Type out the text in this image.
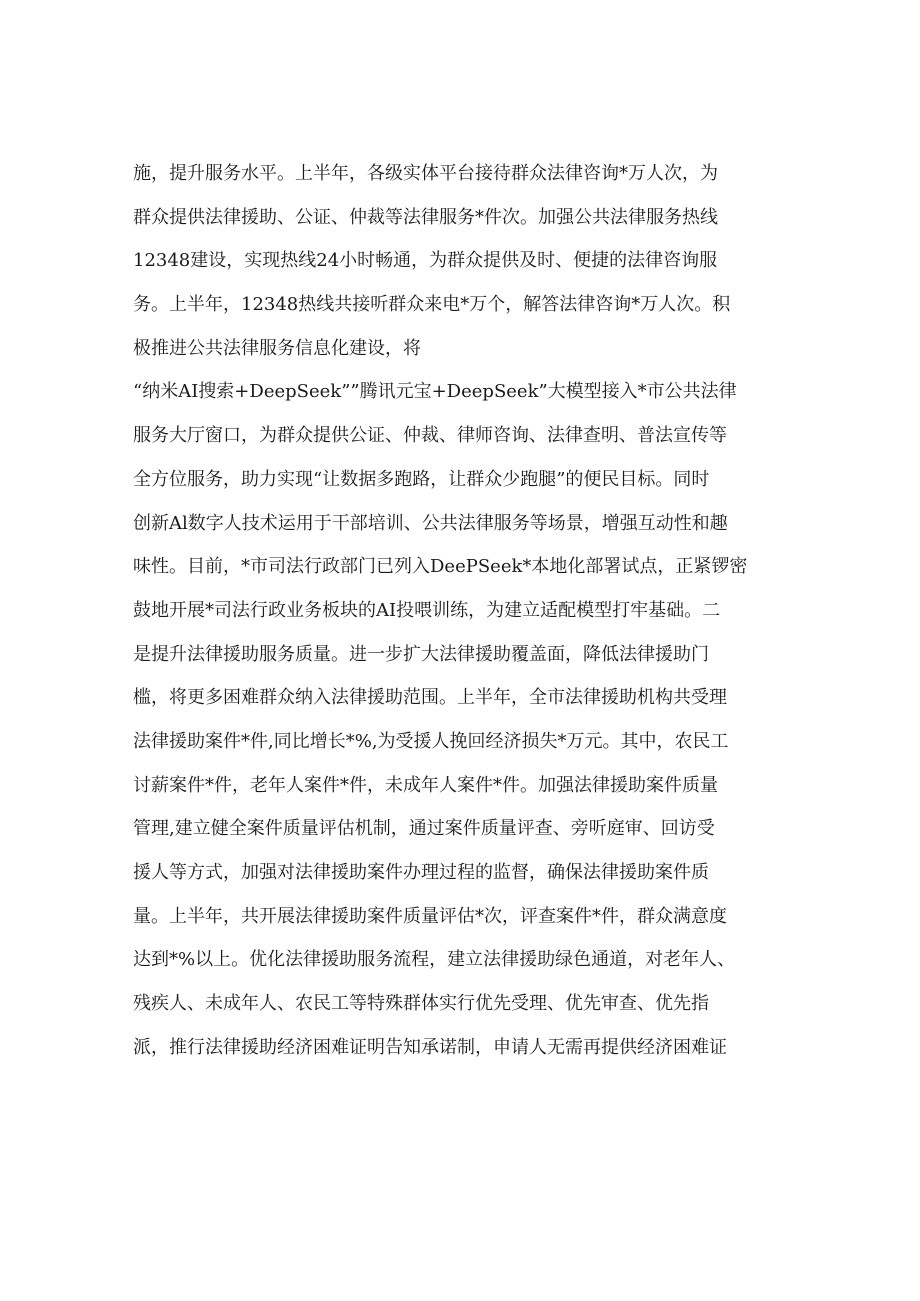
施，提升服务水平。上半年，各级实体平台接待群众法律咨询*万人次，为
群众提供法律援助、公证、仲裁等法律服务*件次。加强公共法律服务热线
12348建设，实现热线24小时畅通，为群众提供及时、便捷的法律咨询服
务。上半年，12348热线共接听群众来电*万个，解答法律咨询*万人次。积
极推进公共法律服务信息化建设，将
“纳米AI搜索+DeepSeek””腾讯元宝+DeepSeek”大模型接入*市公共法律
服务大厅窗口，为群众提供公证、仲裁、律师咨询、法律查明、普法宣传等
全方位服务，助力实现“让数据多跑路，让群众少跑腿”的便民目标。同时
创新Al数字人技术运用于干部培训、公共法律服务等场景，增强互动性和趣
味性。目前，*市司法行政部门已列入DeePSeek*本地化部署试点，正紧锣密
鼓地开展*司法行政业务板块的AI投喂训练，为建立适配模型打牢基础。二
是提升法律援助服务质量。进一步扩大法律援助覆盖面，降低法律援助门
槛，将更多困难群众纳入法律援助范围。上半年，全市法律援助机构共受理
法律援助案件*件,同比增长*%,为受援人挽回经济损失*万元。其中，农民工
讨薪案件*件，老年人案件*件，未成年人案件*件。加强法律援助案件质量
管理,建立健全案件质量评估机制，通过案件质量评查、旁听庭审、回访受
援人等方式，加强对法律援助案件办理过程的监督，确保法律援助案件质
量。上半年，共开展法律援助案件质量评估*次，评查案件*件，群众满意度
达到*%以上。优化法律援助服务流程，建立法律援助绿色通道，对老年人、
残疾人、未成年人、农民工等特殊群体实行优先受理、优先审查、优先指
派，推行法律援助经济困难证明告知承诺制，申请人无需再提供经济困难证
